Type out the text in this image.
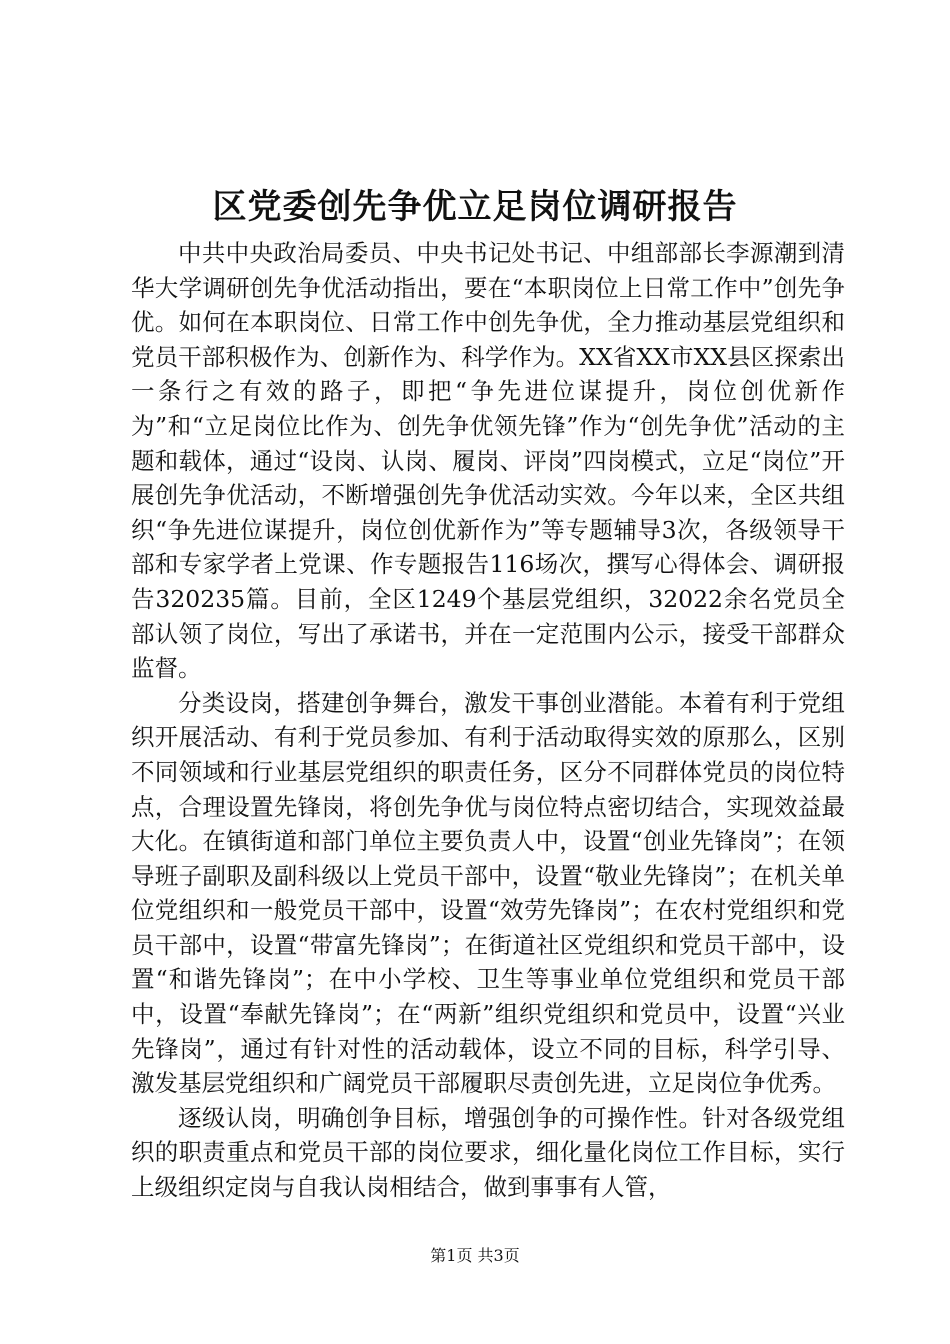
区党委创先争优立足岗位调研报告

中共中央政治局委员、中央书记处书记、中组部部长李源潮到清华大学调研创先争优活动指出，要在“本职岗位上日常工作中”创先争优。如何在本职岗位、日常工作中创先争优，全力推动基层党组织和党员干部积极作为、创新作为、科学作为。XX省XX市XX县区探索出一条行之有效的路子，即把“争先进位谋提升，岗位创优新作为”和“立足岗位比作为、创先争优领先锋”作为“创先争优”活动的主题和载体，通过“设岗、认岗、履岗、评岗”四岗模式，立足“岗位”开展创先争优活动，不断增强创先争优活动实效。今年以来，全区共组织“争先进位谋提升，岗位创优新作为”等专题辅导3次，各级领导干部和专家学者上党课、作专题报告116场次，撰写心得体会、调研报告320235篇。目前，全区1249个基层党组织，32022余名党员全部认领了岗位，写出了承诺书，并在一定范围内公示，接受干部群众监督。

分类设岗，搭建创争舞台，激发干事创业潜能。本着有利于党组织开展活动、有利于党员参加、有利于活动取得实效的原那么，区别不同领域和行业基层党组织的职责任务，区分不同群体党员的岗位特点，合理设置先锋岗，将创先争优与岗位特点密切结合，实现效益最大化。在镇街道和部门单位主要负责人中，设置“创业先锋岗”；在领导班子副职及副科级以上党员干部中，设置“敬业先锋岗”；在机关单位党组织和一般党员干部中，设置“效劳先锋岗”；在农村党组织和党员干部中，设置“带富先锋岗”；在街道社区党组织和党员干部中，设置“和谐先锋岗”；在中小学校、卫生等事业单位党组织和党员干部中，设置“奉献先锋岗”；在“两新”组织党组织和党员中，设置“兴业先锋岗”，通过有针对性的活动载体，设立不同的目标，科学引导、激发基层党组织和广阔党员干部履职尽责创先进，立足岗位争优秀。

逐级认岗，明确创争目标，增强创争的可操作性。针对各级党组织的职责重点和党员干部的岗位要求，细化量化岗位工作目标，实行上级组织定岗与自我认岗相结合，做到事事有人管，

第1页 共3页
